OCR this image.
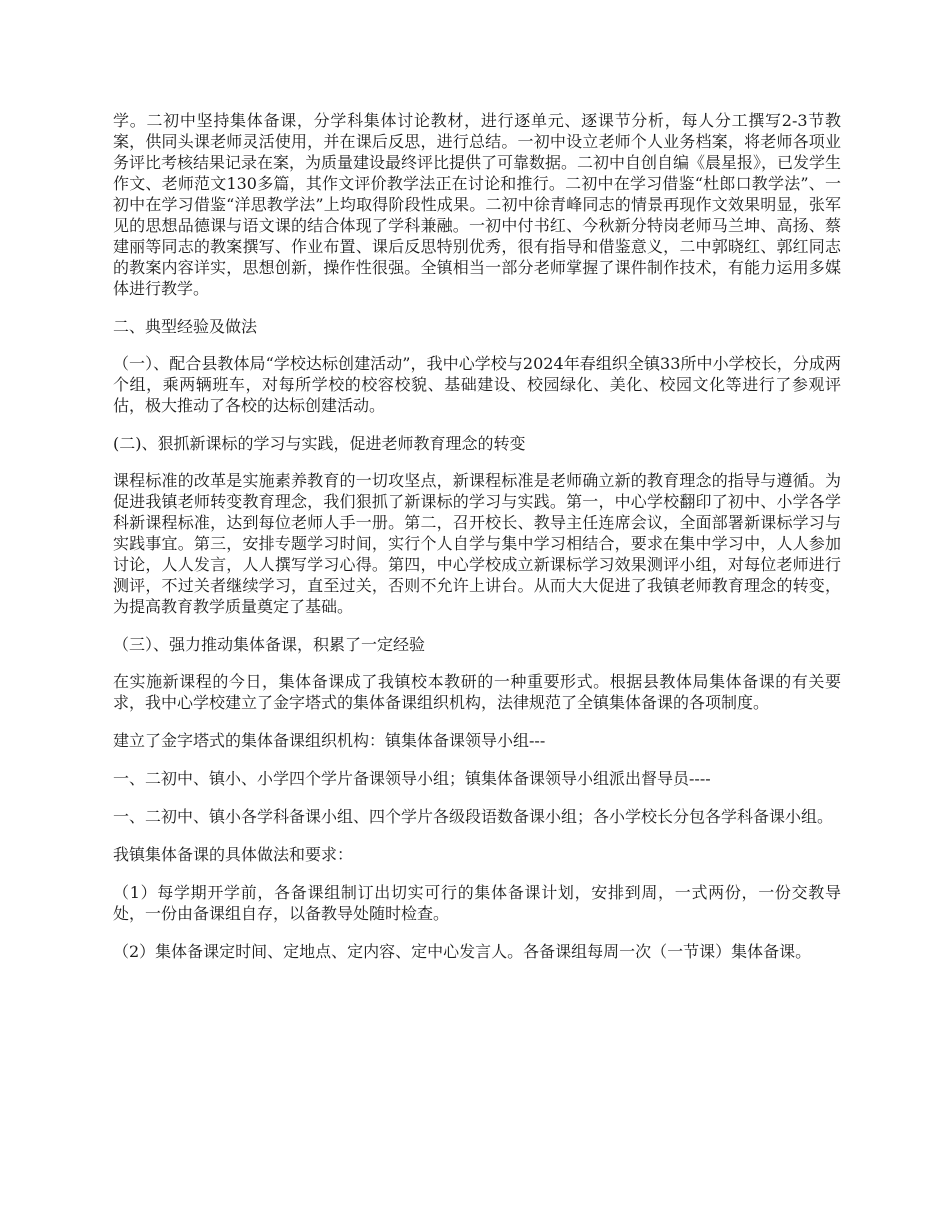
学。二初中坚持集体备课，分学科集体讨论教材，进行逐单元、逐课节分析，每人分工撰写2-3节教案，供同头课老师灵活使用，并在课后反思，进行总结。一初中设立老师个人业务档案，将老师各项业务评比考核结果记录在案，为质量建设最终评比提供了可靠数据。二初中自创自编《晨星报》，已发学生作文、老师范文130多篇，其作文评价教学法正在讨论和推行。二初中在学习借鉴“杜郎口教学法”、一初中在学习借鉴“洋思教学法”上均取得阶段性成果。二初中徐青峰同志的情景再现作文效果明显，张军见的思想品德课与语文课的结合体现了学科兼融。一初中付书红、今秋新分特岗老师马兰坤、高扬、蔡建丽等同志的教案撰写、作业布置、课后反思特别优秀，很有指导和借鉴意义，二中郭晓红、郭红同志的教案内容详实，思想创新，操作性很强。全镇相当一部分老师掌握了课件制作技术，有能力运用多媒体进行教学。

二、典型经验及做法

（一）、配合县教体局“学校达标创建活动”，我中心学校与2024年春组织全镇33所中小学校长，分成两个组，乘两辆班车，对每所学校的校容校貌、基础建设、校园绿化、美化、校园文化等进行了参观评估，极大推动了各校的达标创建活动。

(二)、狠抓新课标的学习与实践，促进老师教育理念的转变

课程标准的改革是实施素养教育的一切攻坚点，新课程标准是老师确立新的教育理念的指导与遵循。为促进我镇老师转变教育理念，我们狠抓了新课标的学习与实践。第一，中心学校翻印了初中、小学各学科新课程标准，达到每位老师人手一册。第二，召开校长、教导主任连席会议，全面部署新课标学习与实践事宜。第三，安排专题学习时间，实行个人自学与集中学习相结合，要求在集中学习中，人人参加讨论，人人发言，人人撰写学习心得。第四，中心学校成立新课标学习效果测评小组，对每位老师进行测评，不过关者继续学习，直至过关，否则不允许上讲台。从而大大促进了我镇老师教育理念的转变，为提高教育教学质量奠定了基础。

（三）、强力推动集体备课，积累了一定经验

在实施新课程的今日，集体备课成了我镇校本教研的一种重要形式。根据县教体局集体备课的有关要求，我中心学校建立了金字塔式的集体备课组织机构，法律规范了全镇集体备课的各项制度。

建立了金字塔式的集体备课组织机构：镇集体备课领导小组---

一、二初中、镇小、小学四个学片备课领导小组；镇集体备课领导小组派出督导员----

一、二初中、镇小各学科备课小组、四个学片各级段语数备课小组；各小学校长分包各学科备课小组。

我镇集体备课的具体做法和要求：

（1）每学期开学前，各备课组制订出切实可行的集体备课计划，安排到周，一式两份，一份交教导处，一份由备课组自存，以备教导处随时检查。

（2）集体备课定时间、定地点、定内容、定中心发言人。各备课组每周一次（一节课）集体备课。
